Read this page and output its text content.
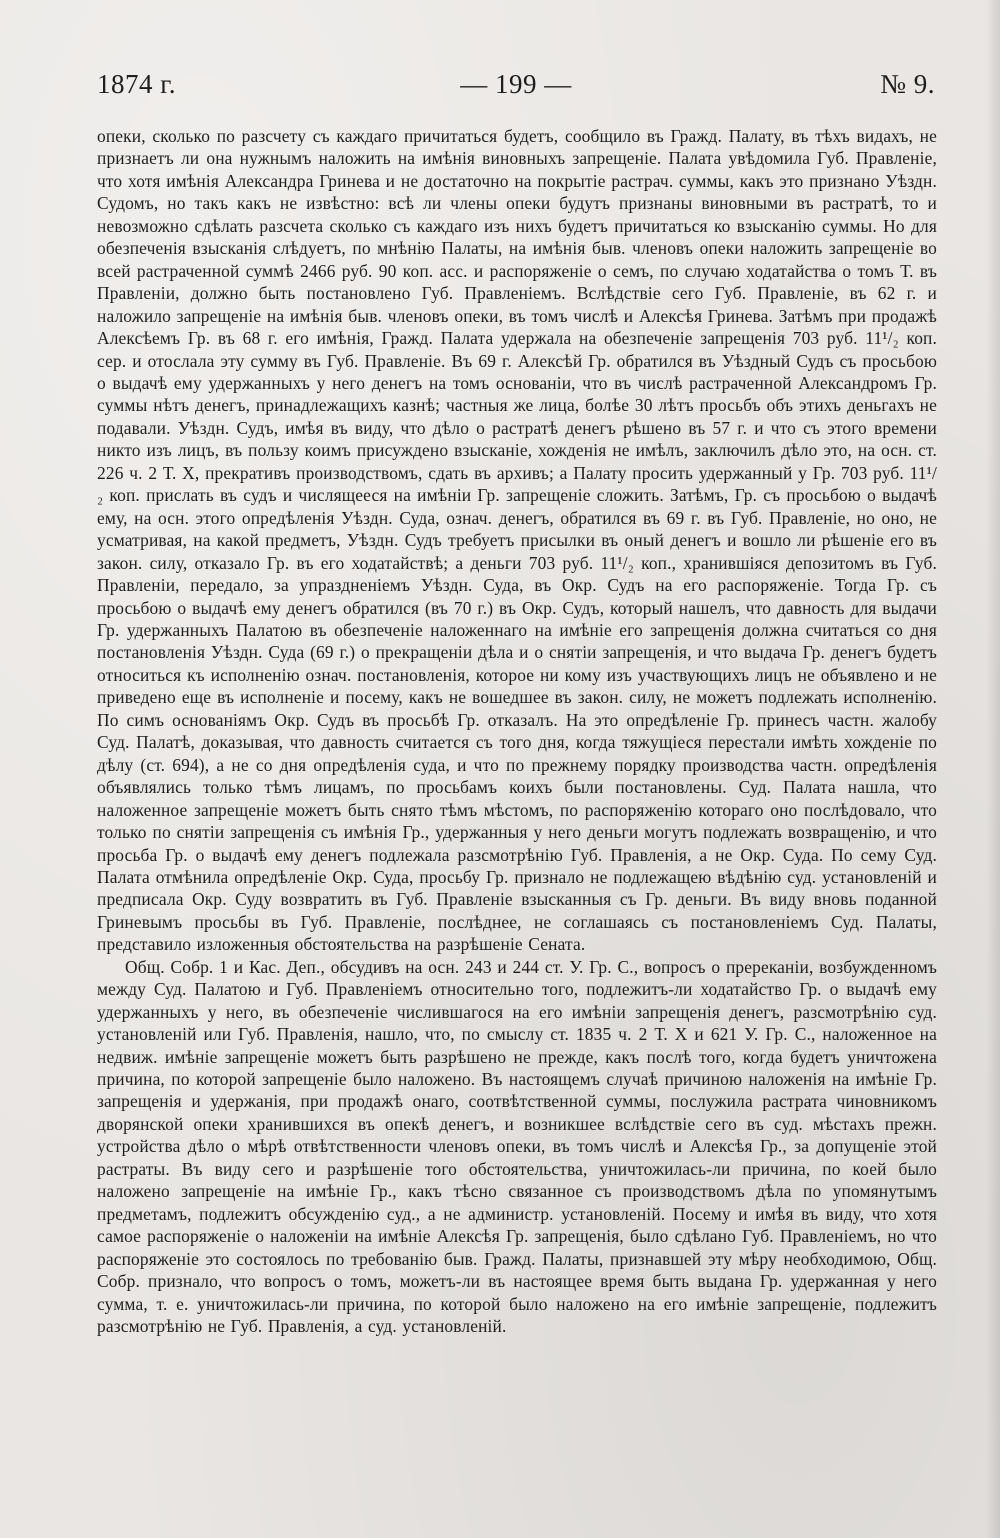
1874 г.	— 199 —	№ 9.

опеки, сколько по разсчету съ каждаго причитаться будетъ, сообщило въ Гражд. Палату, въ тѣхъ видахъ, не признаетъ ли она нужнымъ наложить на имѣнія виновныхъ запрещеніе. Палата увѣдомила Губ. Правленіе, что хотя имѣнія Александра Гринева и не достаточно на покрытіе растрач. суммы, какъ это признано Уѣздн. Судомъ, но такъ какъ не извѣстно: всѣ ли члены опеки будутъ признаны виновными въ растратѣ, то и невозможно сдѣлать разсчета сколько съ каждаго изъ нихъ будетъ причитаться ко взысканію суммы. Но для обезпеченія взысканія слѣдуетъ, по мнѣнію Палаты, на имѣнія быв. членовъ опеки наложить запрещеніе во всей растраченной суммѣ 2466 руб. 90 коп. асс. и распоряженіе о семъ, по случаю ходатайства о томъ Т. въ Правленіи, должно быть постановлено Губ. Правленіемъ. Вслѣдствіе сего Губ. Правленіе, въ 62 г. и наложило запрещеніе на имѣнія быв. членовъ опеки, въ томъ числѣ и Алексѣя Гринева. Затѣмъ при продажѣ Алексѣемъ Гр. въ 68 г. его имѣнія, Гражд. Палата удержала на обезпеченіе запрещенія 703 руб. 11¹/₂ коп. сер. и отослала эту сумму въ Губ. Правленіе. Въ 69 г. Алексѣй Гр. обратился въ Уѣздный Судъ съ просьбою о выдачѣ ему удержанныхъ у него денегъ на томъ основаніи, что въ числѣ растраченной Александромъ Гр. суммы нѣтъ денегъ, принадлежащихъ казнѣ; частныя же лица, болѣе 30 лѣтъ просьбъ объ этихъ деньгахъ не подавали. Уѣздн. Судъ, имѣя въ виду, что дѣло о растратѣ денегъ рѣшено въ 57 г. и что съ этого времени никто изъ лицъ, въ пользу коимъ присуждено взысканіе, хожденія не имѣлъ, заключилъ дѣло это, на осн. ст. 226 ч. 2 Т. X, прекративъ производствомъ, сдать въ архивъ; а Палату просить удержанный у Гр. 703 руб. 11¹/₂ коп. прислать въ судъ и числящееся на имѣніи Гр. запрещеніе сложить. Затѣмъ, Гр. съ просьбою о выдачѣ ему, на осн. этого опредѣленія Уѣздн. Суда, означ. денегъ, обратился въ 69 г. въ Губ. Правленіе, но оно, не усматривая, на какой предметъ, Уѣздн. Судъ требуетъ присылки въ оный денегъ и вошло ли рѣшеніе его въ закон. силу, отказало Гр. въ его ходатайствѣ; а деньги 703 руб. 11¹/₂ коп., хранившіяся депозитомъ въ Губ. Правленіи, передало, за упраздненіемъ Уѣздн. Суда, въ Окр. Судъ на его распоряженіе. Тогда Гр. съ просьбою о выдачѣ ему денегъ обратился (въ 70 г.) въ Окр. Судъ, который нашелъ, что давность для выдачи Гр. удержанныхъ Палатою въ обезпеченіе наложеннаго на имѣніе его запрещенія должна считаться со дня постановленія Уѣздн. Суда (69 г.) о прекращеніи дѣла и о снятіи запрещенія, и что выдача Гр. денегъ будетъ относиться къ исполненію означ. постановленія, которое ни кому изъ участвующихъ лицъ не объявлено и не приведено еще въ исполненіе и посему, какъ не вошедшее въ закон. силу, не можетъ подлежать исполненію. По симъ основаніямъ Окр. Судъ въ просьбѣ Гр. отказалъ. На это опредѣленіе Гр. принесъ частн. жалобу Суд. Палатѣ, доказывая, что давность считается съ того дня, когда тяжущіеся перестали имѣть хожденіе по дѣлу (ст. 694), а не со дня опредѣленія суда, и что по прежнему порядку производства частн. опредѣленія объявлялись только тѣмъ лицамъ, по просьбамъ коихъ были постановлены. Суд. Палата нашла, что наложенное запрещеніе можетъ быть снято тѣмъ мѣстомъ, по распоряженію котораго оно послѣдовало, что только по снятіи запрещенія съ имѣнія Гр., удержанныя у него деньги могутъ подлежать возвращенію, и что просьба Гр. о выдачѣ ему денегъ подлежала разсмотрѣнію Губ. Правленія, а не Окр. Суда. По сему Суд. Палата отмѣнила опредѣленіе Окр. Суда, просьбу Гр. признало не подлежащею вѣдѣнію суд. установленій и предписала Окр. Суду возвратить въ Губ. Правленіе взысканныя съ Гр. деньги. Въ виду вновь поданной Гриневымъ просьбы въ Губ. Правленіе, послѣднее, не соглашаясь съ постановленіемъ Суд. Палаты, представило изложенныя обстоятельства на разрѣшеніе Сената.

Общ. Собр. 1 и Кас. Деп., обсудивъ на осн. 243 и 244 ст. У. Гр. С., вопросъ о пререканіи, возбужденномъ между Суд. Палатою и Губ. Правленіемъ относительно того, подлежитъ-ли ходатайство Гр. о выдачѣ ему удержанныхъ у него, въ обезпеченіе числившагося на его имѣніи запрещенія денегъ, разсмотрѣнію суд. установленій или Губ. Правленія, нашло, что, по смыслу ст. 1835 ч. 2 Т. X и 621 У. Гр. С., наложенное на недвиж. имѣніе запрещеніе можетъ быть разрѣшено не прежде, какъ послѣ того, когда будетъ уничтожена причина, по которой запрещеніе было наложено. Въ настоящемъ случаѣ причиною наложенія на имѣніе Гр. запрещенія и удержанія, при продажѣ онаго, соотвѣтственной суммы, послужила растрата чиновникомъ дворянской опеки хранившихся въ опекѣ денегъ, и возникшее вслѣдствіе сего въ суд. мѣстахъ прежн. устройства дѣло о мѣрѣ отвѣтственности членовъ опеки, въ томъ числѣ и Алексѣя Гр., за допущеніе этой растраты. Въ виду сего и разрѣшеніе того обстоятельства, уничтожилась-ли причина, по коей было наложено запрещеніе на имѣніе Гр., какъ тѣсно связанное съ производствомъ дѣла по упомянутымъ предметамъ, подлежитъ обсужденію суд., а не администр. установленій. Посему и имѣя въ виду, что хотя самое распоряженіе о наложеніи на имѣніе Алексѣя Гр. запрещенія, было сдѣлано Губ. Правленіемъ, но что распоряженіе это состоялось по требованію быв. Гражд. Палаты, признавшей эту мѣру необходимою, Общ. Собр. признало, что вопросъ о томъ, можетъ-ли въ настоящее время быть выдана Гр. удержанная у него сумма, т. е. уничтожилась-ли причина, по которой было наложено на его имѣніе запрещеніе, подлежитъ разсмотрѣнію не Губ. Правленія, а суд. установленій.
